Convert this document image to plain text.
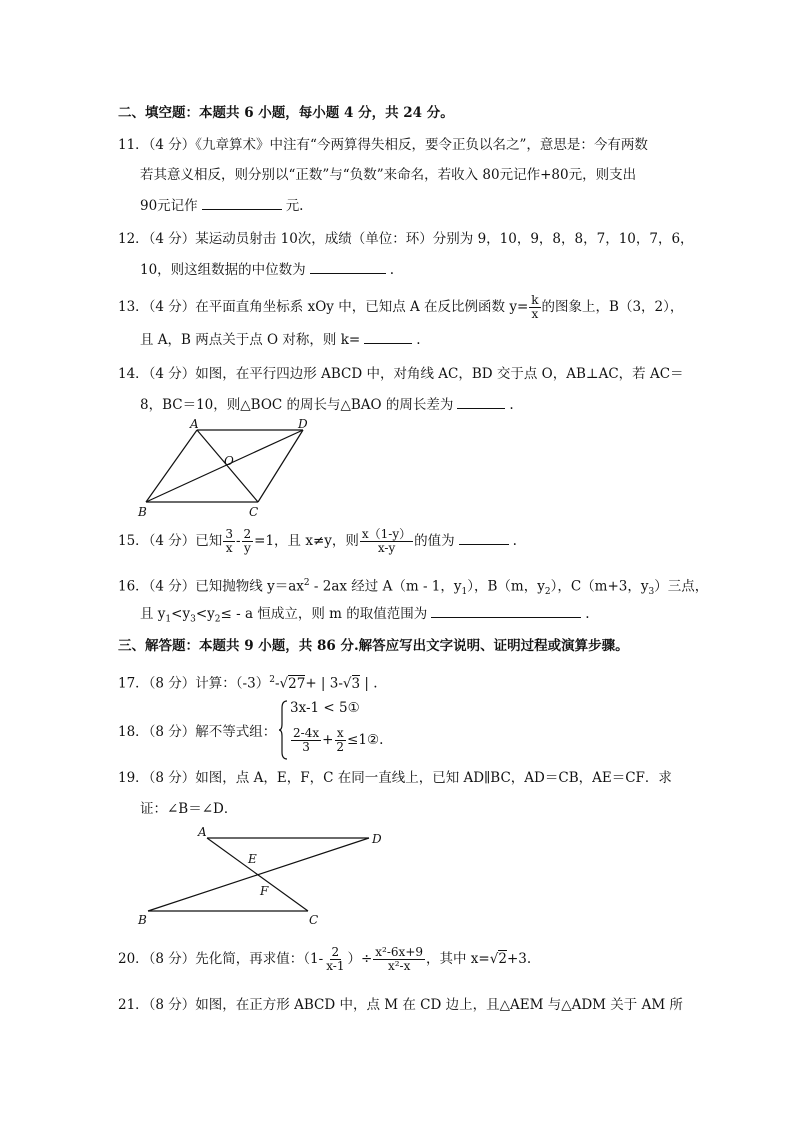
二、填空题：本题共 6 小题，每小题 4 分，共 24 分。
11．（4 分）《九章算术》中注有“今两算得失相反，要令正负以名之”，意思是：今有两数
若其意义相反，则分别以“正数”与“负数”来命名，若收入 80元记作+80元，则支出
90元记作	元.
12．（4 分）某运动员射击 10次，成绩（单位：环）分别为 9，10，9，8，8，7，10，7，6，
10，则这组数据的中位数为	.
13．（4 分）在平面直角坐标系 xOy 中，已知点 A 在反比例函数 $y= \frac{k}{x}$ 的图象上，B（3，2），
且 A，B 两点关于点 O 对称，则 k=	.
14．（4 分）如图，在平行四边形 ABCD 中，对角线 AC，BD 交于点 O，AB⊥AC，若 AC＝
8，BC＝10，则△BOC 的周长与△BAO 的周长差为	.
A	D
O
B	C
15．（4 分）已知 $\frac{3}{x} - \frac{2}{y} =1$，且 x≠y，则 $\frac{x(1-y)}{x-y}$ 的值为	.
16．（4 分）已知抛物线 $y=ax^2 - 2ax$ 经过 A（m - 1，$y_1$），B（m，$y_2$），C（m+3，$y_3$）三点，
且 $y_1<y_3<y_2\le - a$ 恒成立，则 m 的取值范围为	.
三、解答题：本题共 9 小题，共 86 分.解答应写出文字说明、证明过程或演算步骤。
17．（8 分）计算：$(-3)^2-√27+$ | 3-√3 | .
18．（8 分）解不等式组：
3x-1 < 5①
$\frac{2-4x}{3} + \frac{x}{2}$ ≤1②.
19．（8 分）如图，点 A，E，F，C 在同一直线上，已知 AD∥BC，AD＝CB，AE＝CF．求
证：∠B＝∠D．
A	D
E
F
B	C
20．（8 分）先化简，再求值：（$1- \frac{2}{x-1}$ ）÷ $\frac{\text{x²-6x+9}}{\text{x²-x}}$ ，其中 x=√2+3.
21．（8 分）如图，在正方形 ABCD 中，点 M 在 CD 边上，且△AEM 与△ADM 关于 AM 所
